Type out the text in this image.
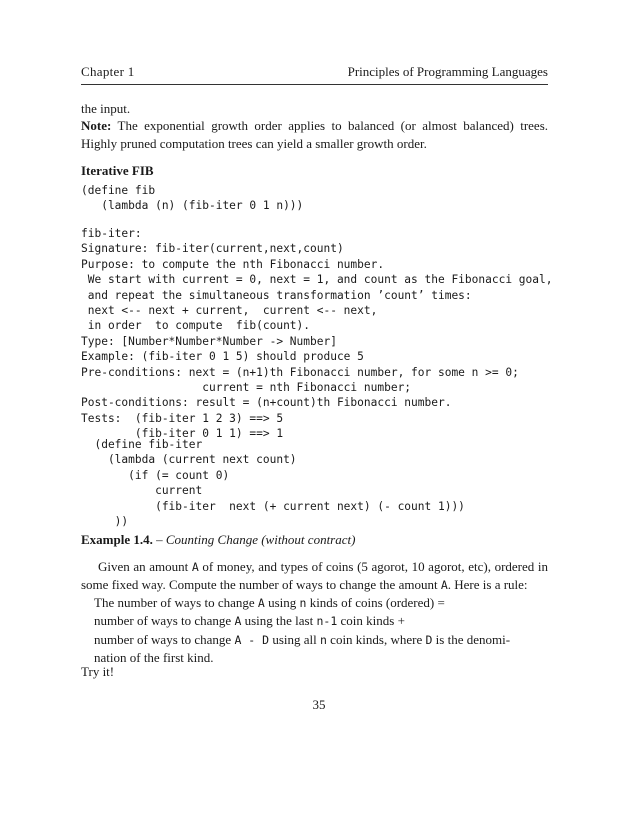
Chapter 1	Principles of Programming Languages
the input.
Note: The exponential growth order applies to balanced (or almost balanced) trees. Highly pruned computation trees can yield a smaller growth order.
Iterative FIB
(define fib
(lambda (n) (fib-iter 0 1 n)))
fib-iter:
Signature: fib-iter(current,next,count)
Purpose: to compute the nth Fibonacci number.
We start with current = 0, next = 1, and count as the Fibonacci goal,
and repeat the simultaneous transformation ’count’ times:
next <-- next + current,  current <-- next,
in order  to compute  fib(count).
Type: [Number*Number*Number -> Number]
Example: (fib-iter 0 1 5) should produce 5
Pre-conditions: next = (n+1)th Fibonacci number, for some n >= 0;
current = nth Fibonacci number;
Post-conditions: result = (n+count)th Fibonacci number.
Tests:  (fib-iter 1 2 3) ==> 5
(fib-iter 0 1 1) ==> 1
(define fib-iter
(lambda (current next count)
(if (= count 0)
current
(fib-iter  next (+ current next) (- count 1)))
))
Example 1.4. – Counting Change (without contract)
Given an amount A of money, and types of coins (5 agorot, 10 agorot, etc), ordered in some fixed way. Compute the number of ways to change the amount A. Here is a rule:
The number of ways to change A using n kinds of coins (ordered) =
number of ways to change A using the last n-1 coin kinds +
number of ways to change A - D using all n coin kinds, where D is the denomi-
nation of the first kind.
Try it!
35
